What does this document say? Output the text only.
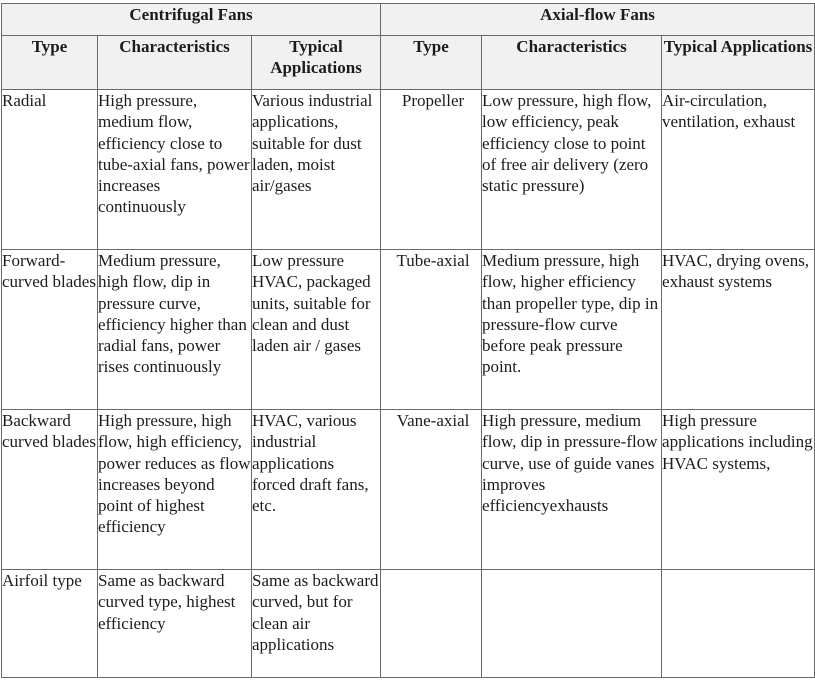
Centrifugal Fans			Axial-flow Fans		
Type	Characteristics	Typical Applications	Type	Characteristics	Typical Applications
Radial	High pressure, medium flow, efficiency close to tube-axial fans, power increases continuously	Various industrial applications, suitable for dust laden, moist air/gases	Propeller	Low pressure, high flow, low efficiency, peak efficiency close to point of free air delivery (zero static pressure)	Air-circulation, ventilation, exhaust
Forward-curved blades	Medium pressure, high flow, dip in pressure curve, efficiency higher than radial fans, power rises continuously	Low pressure HVAC, packaged units, suitable for clean and dust laden air / gases	Tube-axial	Medium pressure, high flow, higher efficiency than propeller type, dip in pressure-flow curve before peak pressure point.	HVAC, drying ovens, exhaust systems
Backward curved blades	High pressure, high flow, high efficiency, power reduces as flow increases beyond point of highest efficiency	HVAC, various industrial applications forced draft fans, etc.	Vane-axial	High pressure, medium flow, dip in pressure-flow curve, use of guide vanes improves efficiencyexhausts	High pressure applications including HVAC systems,
Airfoil type	Same as backward curved type, highest efficiency	Same as backward curved, but for clean air applications			
